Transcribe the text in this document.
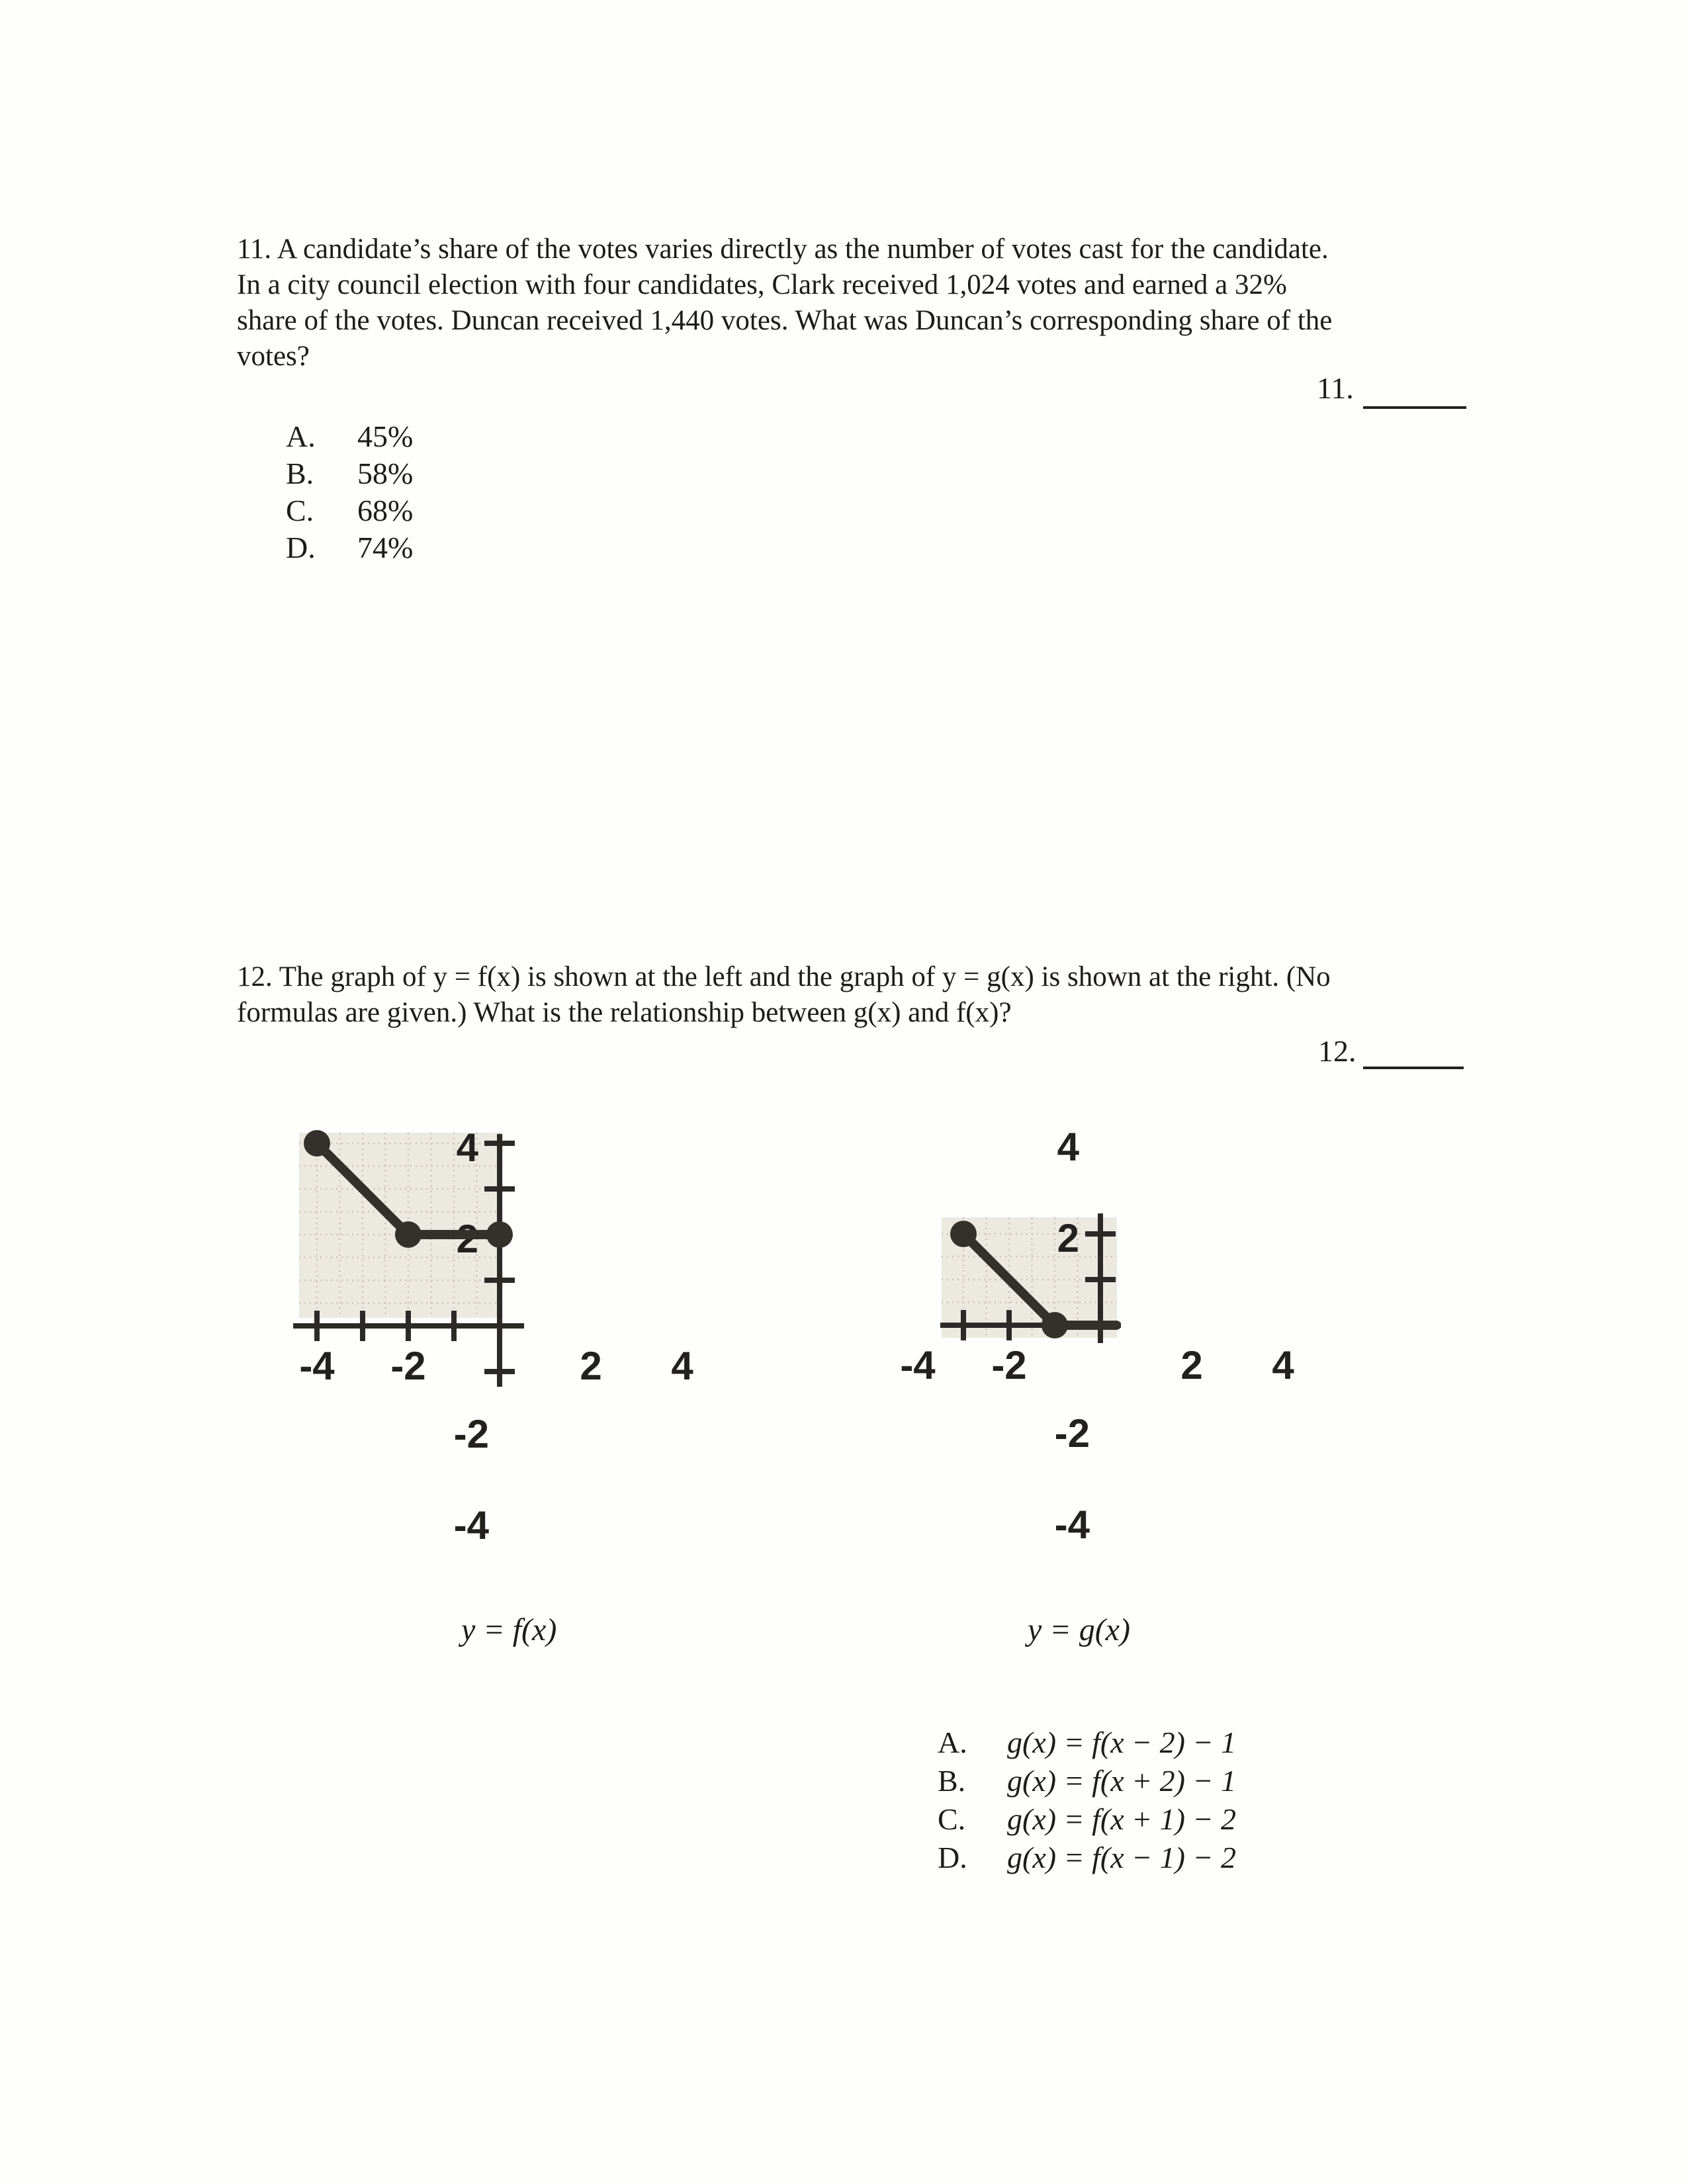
11. A candidate’s share of the votes varies directly as the number of votes cast for the candidate.
In a city council election with four candidates, Clark received 1,024 votes and earned a 32%
share of the votes. Duncan received 1,440 votes. What was Duncan’s corresponding share of the
votes?
11.
A. 45%
B. 58%
C. 68%
D. 74%
12. The graph of y = f(x) is shown at the left and the graph of y = g(x) is shown at the right. (No
formulas are given.) What is the relationship between g(x) and f(x)?
12.
-4 -2	2 4
4
2
-2
-4
-4 -2	2 4
4
2
-2
-4
y = f(x)	y = g(x)
A. g(x) = f(x − 2) − 1
B. g(x) = f(x + 2) − 1
C. g(x) = f(x + 1) − 2
D. g(x) = f(x − 1) − 2
